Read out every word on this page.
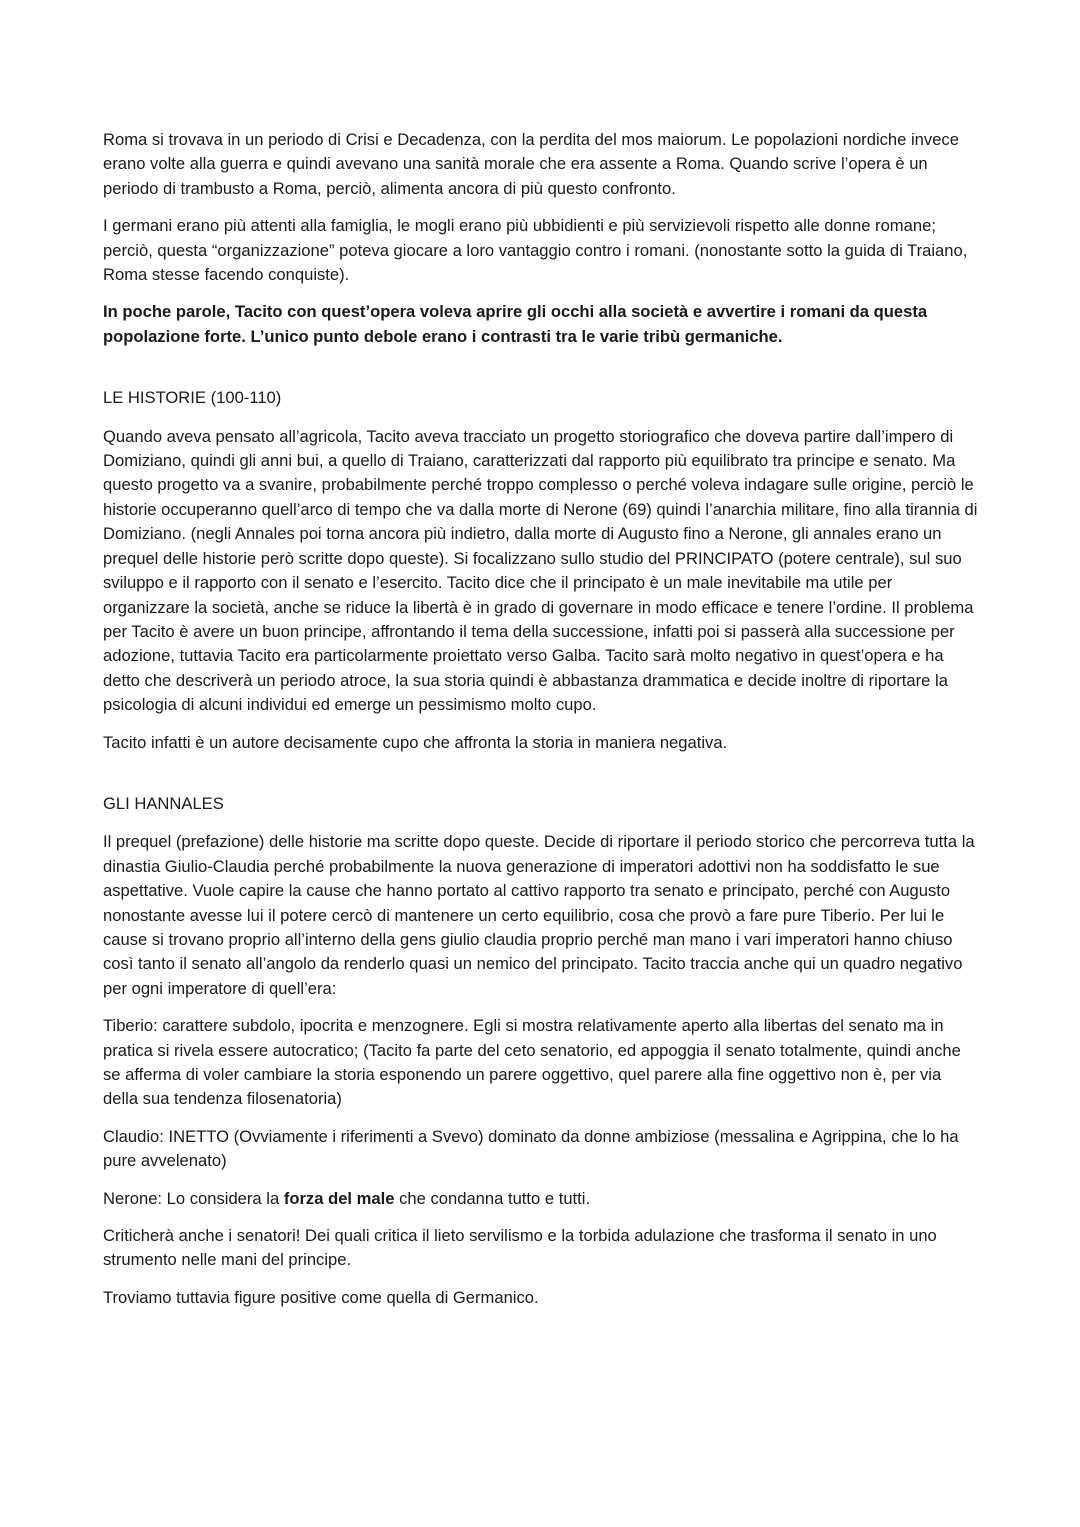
Roma si trovava in un periodo di Crisi e Decadenza, con la perdita del mos maiorum. Le popolazioni nordiche invece erano volte alla guerra e quindi avevano una sanità morale che era assente a Roma. Quando scrive l’opera è un periodo di trambusto a Roma, perciò, alimenta ancora di più questo confronto.

I germani erano più attenti alla famiglia, le mogli erano più ubbidienti e più servizievoli rispetto alle donne romane; perciò, questa “organizzazione” poteva giocare a loro vantaggio contro i romani. (nonostante sotto la guida di Traiano, Roma stesse facendo conquiste).

In poche parole, Tacito con quest’opera voleva aprire gli occhi alla società e avvertire i romani da questa popolazione forte. L’unico punto debole erano i contrasti tra le varie tribù germaniche.

LE HISTORIE (100-110)

Quando aveva pensato all’agricola, Tacito aveva tracciato un progetto storiografico che doveva partire dall’impero di Domiziano, quindi gli anni bui, a quello di Traiano, caratterizzati dal rapporto più equilibrato tra principe e senato. Ma questo progetto va a svanire, probabilmente perché troppo complesso o perché voleva indagare sulle origine, perciò le historie occuperanno quell’arco di tempo che va dalla morte di Nerone (69) quindi l’anarchia militare, fino alla tirannia di Domiziano. (negli Annales poi torna ancora più indietro, dalla morte di Augusto fino a Nerone, gli annales erano un prequel delle historie però scritte dopo queste). Si focalizzano sullo studio del PRINCIPATO (potere centrale), sul suo sviluppo e il rapporto con il senato e l’esercito. Tacito dice che il principato è un male inevitabile ma utile per organizzare la società, anche se riduce la libertà è in grado di governare in modo efficace e tenere l’ordine. Il problema per Tacito è avere un buon principe, affrontando il tema della successione, infatti poi si passerà alla successione per adozione, tuttavia Tacito era particolarmente proiettato verso Galba. Tacito sarà molto negativo in quest’opera e ha detto che descriverà un periodo atroce, la sua storia quindi è abbastanza drammatica e decide inoltre di riportare la psicologia di alcuni individui ed emerge un pessimismo molto cupo.

Tacito infatti è un autore decisamente cupo che affronta la storia in maniera negativa.

GLI HANNALES

Il prequel (prefazione) delle historie ma scritte dopo queste. Decide di riportare il periodo storico che percorreva tutta la dinastia Giulio-Claudia perché probabilmente la nuova generazione di imperatori adottivi non ha soddisfatto le sue aspettative. Vuole capire la cause che hanno portato al cattivo rapporto tra senato e principato, perché con Augusto nonostante avesse lui il potere cercò di mantenere un certo equilibrio, cosa che provò a fare pure Tiberio. Per lui le cause si trovano proprio all’interno della gens giulio claudia proprio perché man mano i vari imperatori hanno chiuso così tanto il senato all’angolo da renderlo quasi un nemico del principato. Tacito traccia anche qui un quadro negativo per ogni imperatore di quell’era:

Tiberio: carattere subdolo, ipocrita e menzognere. Egli si mostra relativamente aperto alla libertas del senato ma in pratica si rivela essere autocratico; (Tacito fa parte del ceto senatorio, ed appoggia il senato totalmente, quindi anche se afferma di voler cambiare la storia esponendo un parere oggettivo, quel parere alla fine oggettivo non è, per via della sua tendenza filosenatoria)

Claudio: INETTO (Ovviamente i riferimenti a Svevo) dominato da donne ambiziose (messalina e Agrippina, che lo ha pure avvelenato)

Nerone: Lo considera la forza del male che condanna tutto e tutti.

Criticherà anche i senatori! Dei quali critica il lieto servilismo e la torbida adulazione che trasforma il senato in uno strumento nelle mani del principe.

Troviamo tuttavia figure positive come quella di Germanico.
